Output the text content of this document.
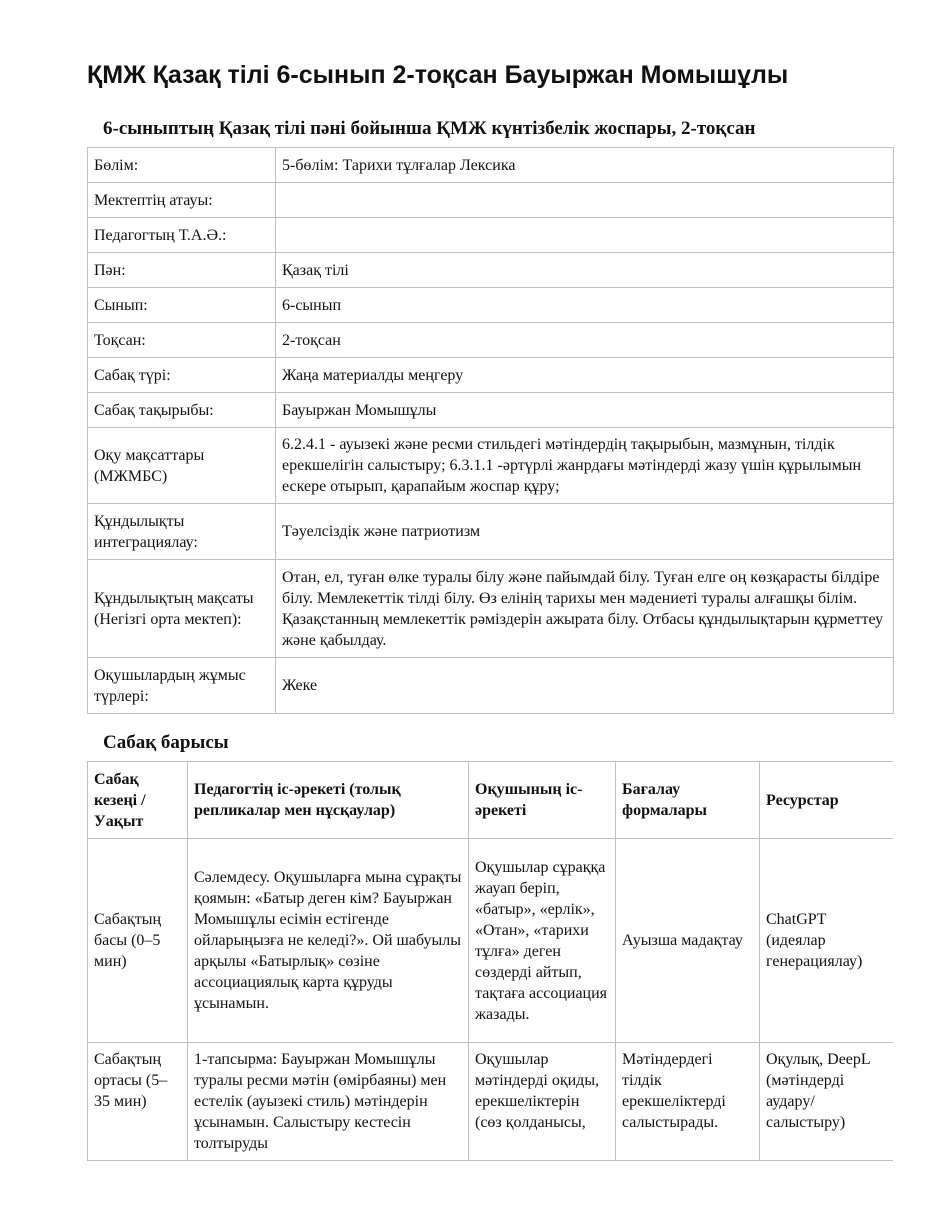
ҚМЖ Қазақ тілі 6-сынып 2-тоқсан Бауыржан Момышұлы
6-сыныптың Қазақ тілі пәні бойынша ҚМЖ күнтізбелік жоспары, 2-тоқсан
Бөлім:	5-бөлім: Тарихи тұлғалар Лексика
Мектептің атауы:	
Педагогтың Т.А.Ә.:	
Пән:	Қазақ тілі
Сынып:	6-сынып
Тоқсан:	2-тоқсан
Сабақ түрі:	Жаңа материалды меңгеру
Сабақ тақырыбы:	Бауыржан Момышұлы
Оқу мақсаттары (МЖМБС)	6.2.4.1 - ауызекі және ресми стильдегі мәтіндердің тақырыбын, мазмұнын, тілдік ерекшелігін салыстыру; 6.3.1.1 -әртүрлі жанрдағы мәтіндерді жазу үшін құрылымын ескере отырып, қарапайым жоспар құру;
Құндылықты интеграциялау:	Тәуелсіздік және патриотизм
Құндылықтың мақсаты (Негізгі орта мектеп):	Отан, ел, туған өлке туралы білу және пайымдай білу. Туған елге оң көзқарасты білдіре білу. Мемлекеттік тілді білу. Өз елінің тарихы мен мәдениеті туралы алғашқы білім. Қазақстанның мемлекеттік рәміздерін ажырата білу. Отбасы құндылықтарын құрметтеу және қабылдау.
Оқушылардың жұмыс түрлері:	Жеке
Сабақ барысы
Сабақ кезеңі / Уақыт	Педагогтің іс-әрекеті (толық репликалар мен нұсқаулар)	Оқушының іс-әрекеті	Бағалау формалары	Ресурстар
Сабақтың басы (0–5 мин)	Сәлемдесу. Оқушыларға мына сұрақты қоямын: «Батыр деген кім? Бауыржан Момышұлы есімін естігенде ойларыңызға не келеді?». Ой шабуылы арқылы «Батырлық» сөзіне ассоциациялық карта құруды ұсынамын.	Оқушылар сұраққа жауап беріп, «батыр», «ерлік», «Отан», «тарихи тұлға» деген сөздерді айтып, тақтаға ассоциация жазады.	Ауызша мадақтау	ChatGPT (идеялар генерациялау)
Сабақтың ортасы (5–35 мин)	1-тапсырма: Бауыржан Момышұлы туралы ресми мәтін (өмірбаяны) мен естелік (ауызекі стиль) мәтіндерін ұсынамын. Салыстыру кестесін толтыруды	Оқушылар мәтіндерді оқиды, ерекшеліктерін (сөз қолданысы,	Мәтіндердегі тілдік ерекшеліктерді салыстырады.	Оқулық, DeepL (мәтіндерді аудару/салыстыру)
